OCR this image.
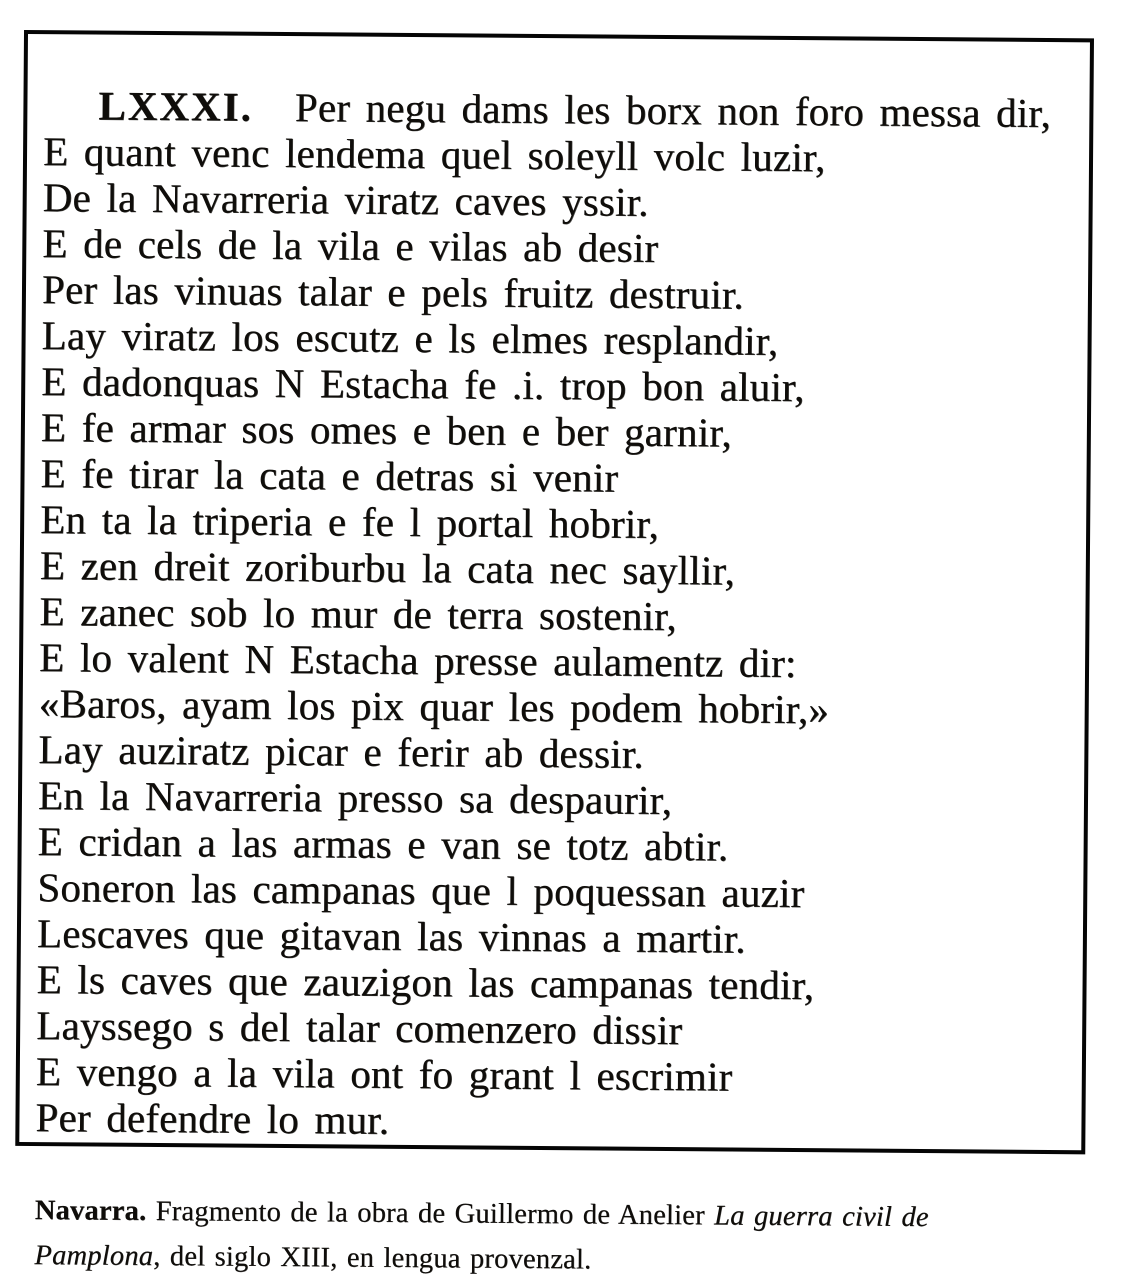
LXXXI. Per negu dams les borx non foro messa dir,
E quant venc lendema quel soleyll volc luzir,
De la Navarreria viratz caves yssir.
E de cels de la vila e vilas ab desir
Per las vinuas talar e pels fruitz destruir.
Lay viratz los escutz e ls elmes resplandir,
E dadonquas N Estacha fe .i. trop bon aluir,
E fe armar sos omes e ben e ber garnir,
E fe tirar la cata e detras si venir
En ta la triperia e fe l portal hobrir,
E zen dreit zoriburbu la cata nec sayllir,
E zanec sob lo mur de terra sostenir,
E lo valent N Estacha presse aulamentz dir:
«Baros, ayam los pix quar les podem hobrir,»
Lay auziratz picar e ferir ab dessir.
En la Navarreria presso sa despaurir,
E cridan a las armas e van se totz abtir.
Soneron las campanas que l poquessan auzir
Lescaves que gitavan las vinnas a martir.
E ls caves que zauzigon las campanas tendir,
Layssego s del talar comenzero dissir
E vengo a la vila ont fo grant l escrimir
Per defendre lo mur.
Navarra. Fragmento de la obra de Guillermo de Anelier La guerra civil de Pamplona, del siglo XIII, en lengua provenzal.
